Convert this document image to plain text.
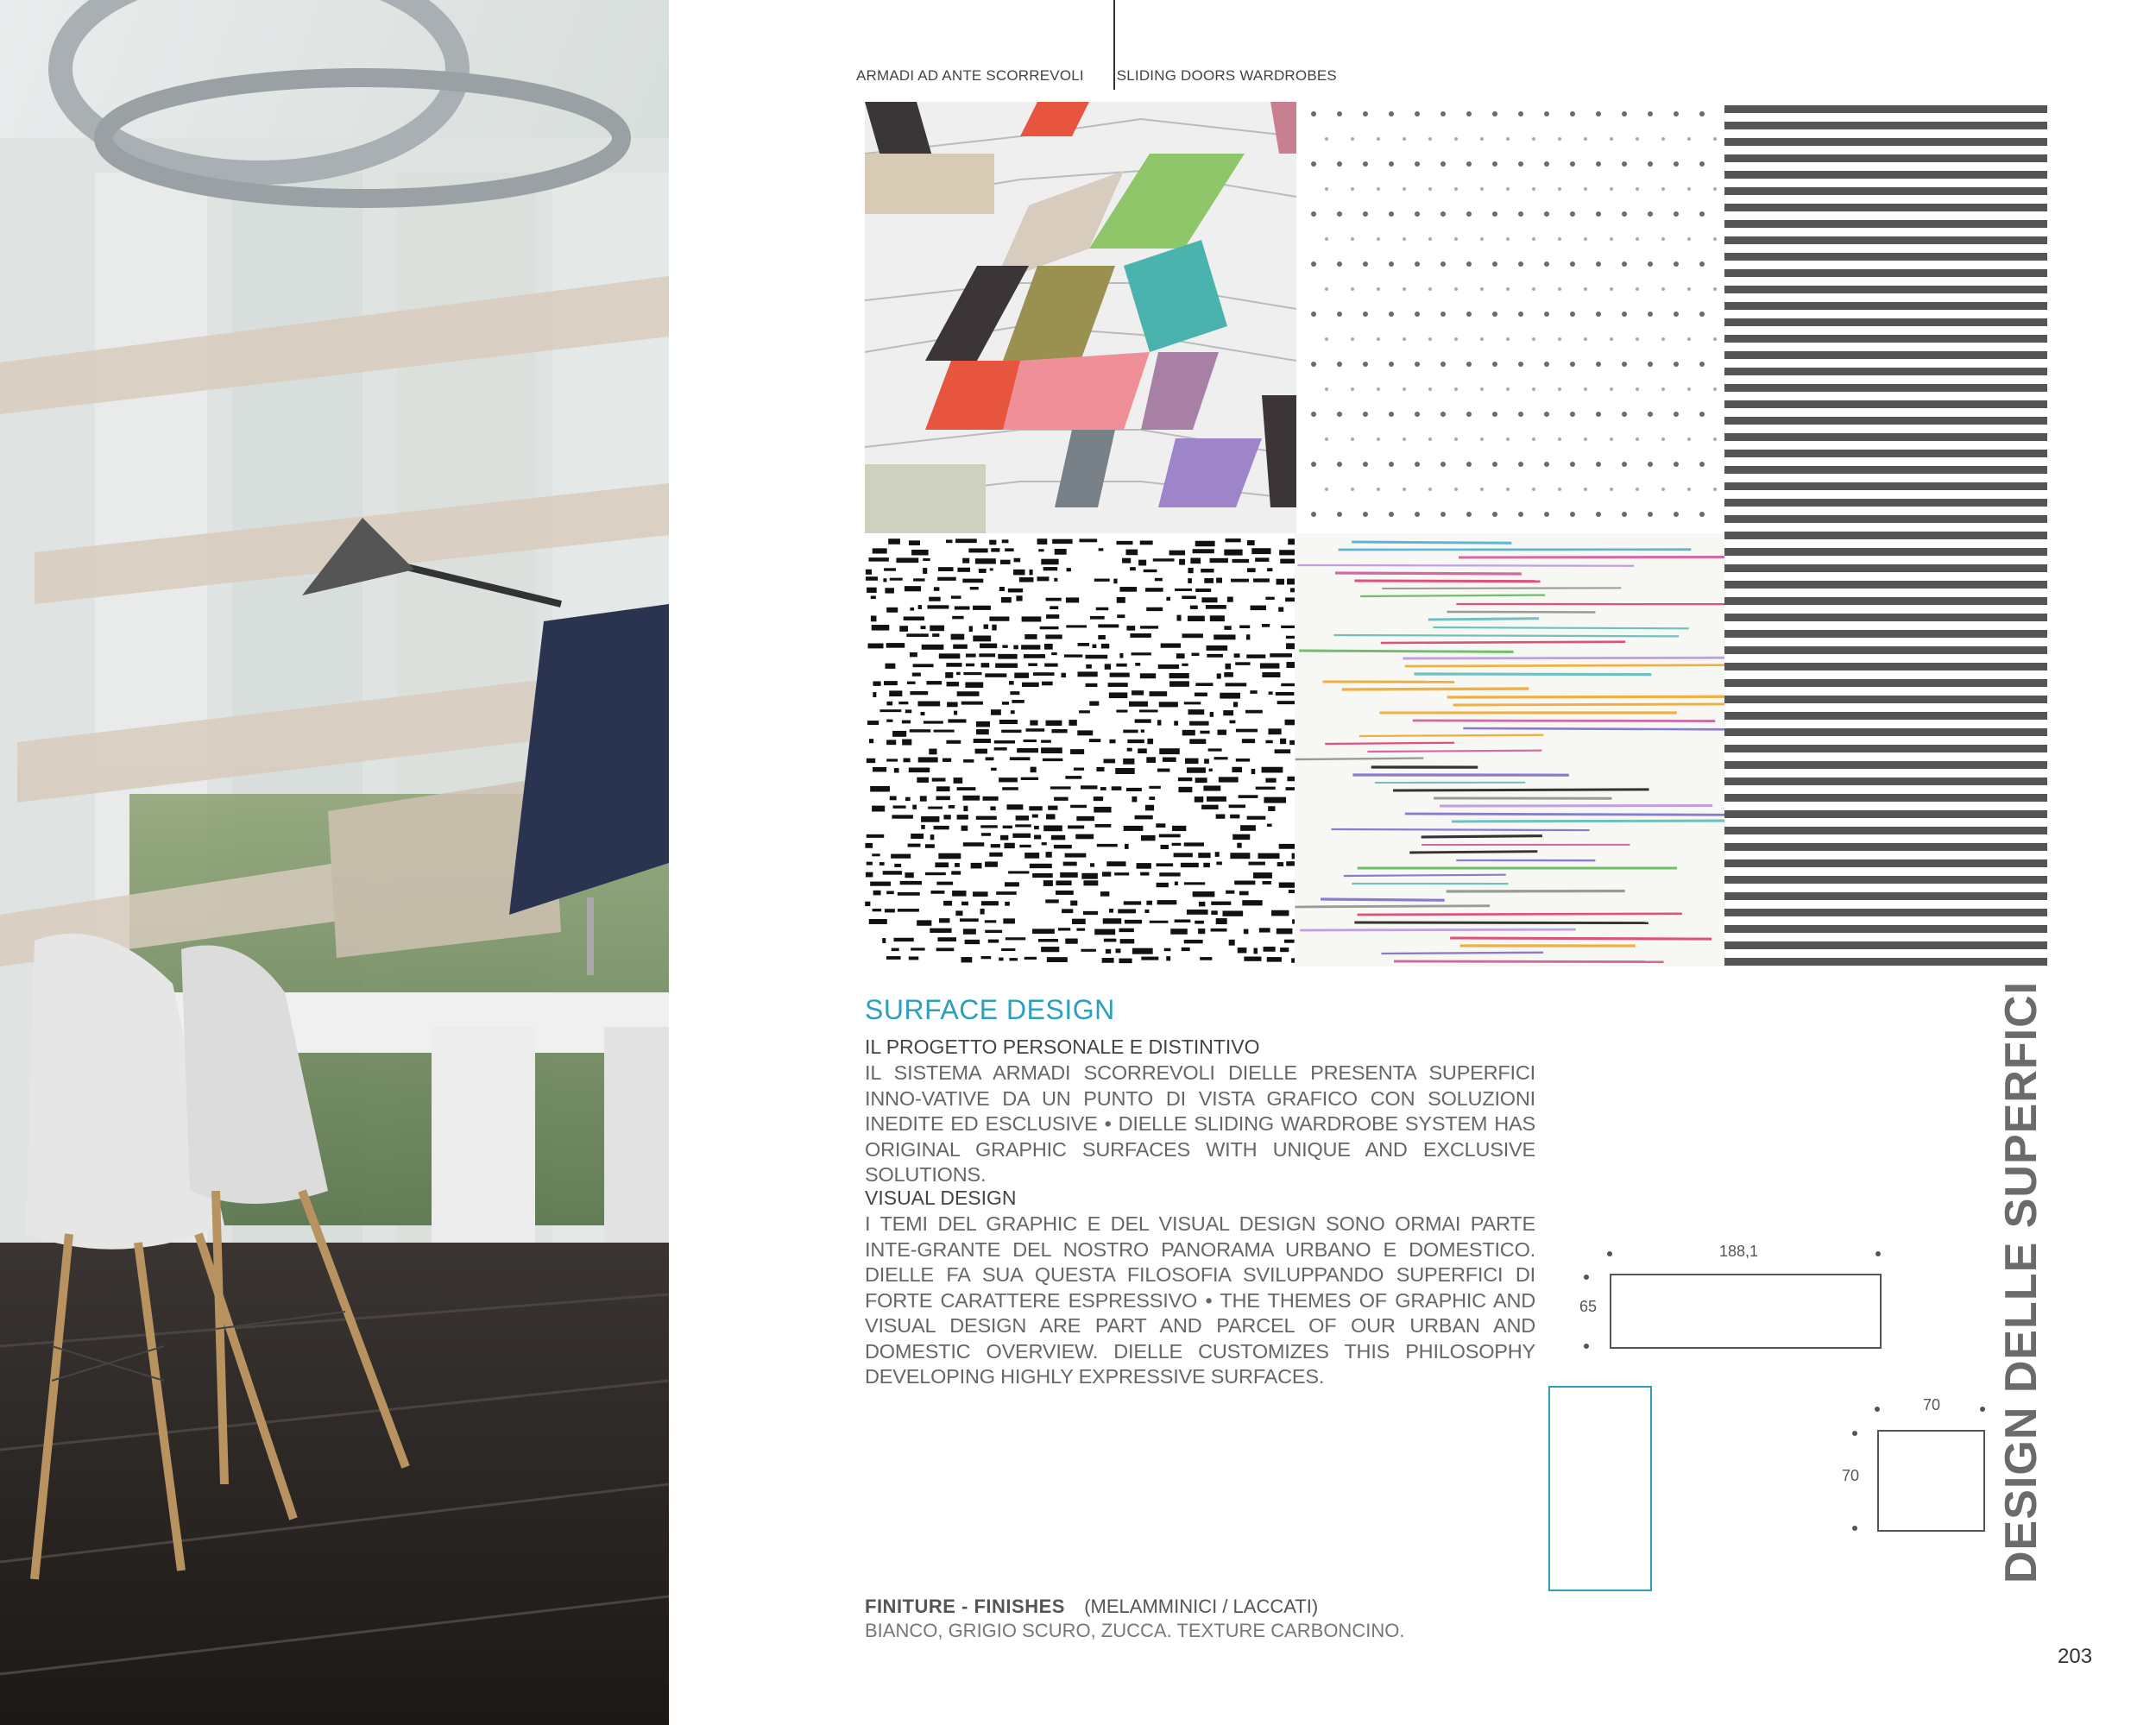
ARMADI AD ANTE SCORREVOLI SLIDING DOORS WARDROBES
SURFACE DESIGN
IL PROGETTO PERSONALE E DISTINTIVO
IL SISTEMA ARMADI SCORREVOLI DIELLE PRESENTA SUPERFICI INNO-VATIVE DA UN PUNTO DI VISTA GRAFICO CON SOLUZIONI INEDITE ED ESCLUSIVE • DIELLE SLIDING WARDROBE SYSTEM HAS ORIGINAL GRAPHIC SURFACES WITH UNIQUE AND EXCLUSIVE SOLUTIONS.
VISUAL DESIGN
I TEMI DEL GRAPHIC E DEL VISUAL DESIGN SONO ORMAI PARTE INTE-GRANTE DEL NOSTRO PANORAMA URBANO E DOMESTICO. DIELLE FA SUA QUESTA FILOSOFIA SVILUPPANDO SUPERFICI DI FORTE CARATTERE ESPRESSIVO • THE THEMES OF GRAPHIC AND VISUAL DESIGN ARE PART AND PARCEL OF OUR URBAN AND DOMESTIC OVERVIEW. DIELLE CUSTOMIZES THIS PHILOSOPHY DEVELOPING HIGHLY EXPRESSIVE SURFACES.
188,1
65
70
70	DESIGN DELLE SUPERFICI
FINITURE - FINISHES (MELAMMINICI / LACCATI)
BIANCO, GRIGIO SCURO, ZUCCA. TEXTURE CARBONCINO.
203
